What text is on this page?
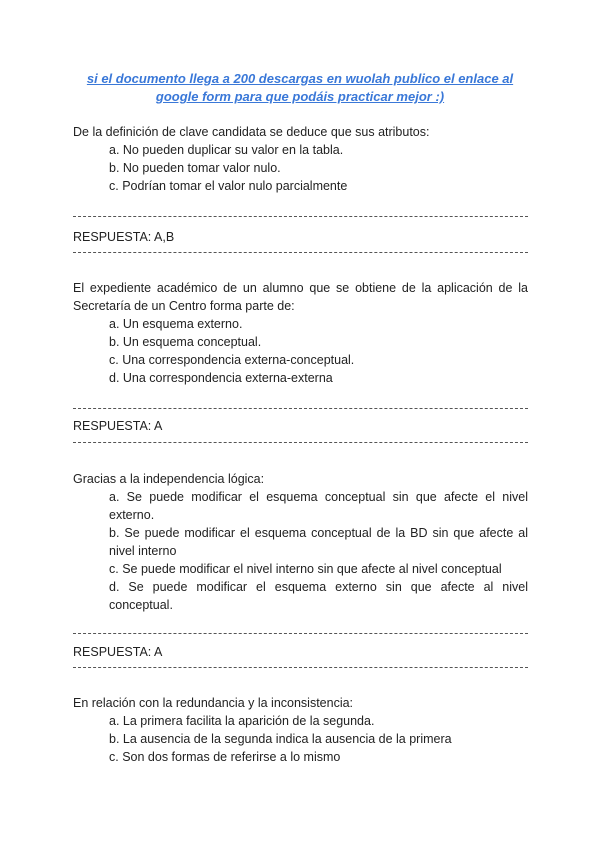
si el documento llega a 200 descargas en wuolah publico el enlace al
google form para que podáis practicar mejor :)

De la definición de clave candidata se deduce que sus atributos:

a. No pueden duplicar su valor en la tabla.
b. No pueden tomar valor nulo.
c. Podrían tomar el valor nulo parcialmente
RESPUESTA: A,B

El expediente académico de un alumno que se obtiene de la aplicación de la Secretaría de un Centro forma parte de:

a. Un esquema externo.
b. Un esquema conceptual.
c. Una correspondencia externa-conceptual.
d. Una correspondencia externa-externa
RESPUESTA: A

Gracias a la independencia lógica:

a. Se puede modificar el esquema conceptual sin que afecte el nivel externo.
b. Se puede modificar el esquema conceptual de la BD sin que afecte al nivel interno
c. Se puede modificar el nivel interno sin que afecte al nivel conceptual
d. Se puede modificar el esquema externo sin que afecte al nivel conceptual.
RESPUESTA: A

En relación con la redundancia y la inconsistencia:

a. La primera facilita la aparición de la segunda.
b. La ausencia de la segunda indica la ausencia de la primera
c. Son dos formas de referirse a lo mismo
